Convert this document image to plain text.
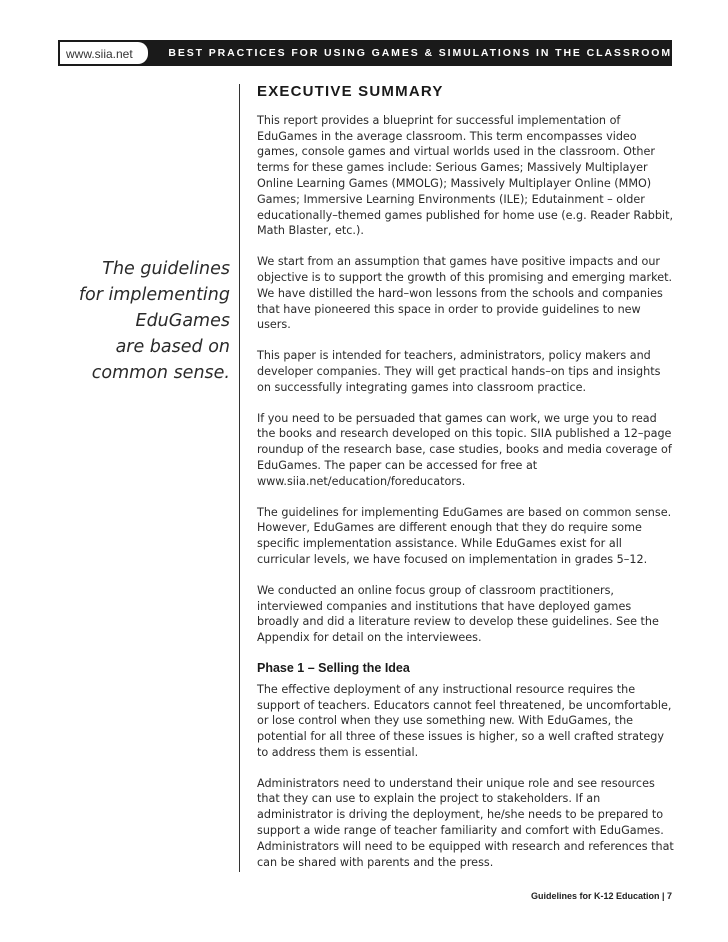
www.siia.net	BEST PRACTICES FOR USING GAMES & SIMULATIONS IN THE CLASSROOM
The guidelines
for implementing
EduGames
are based on
common sense.
EXECUTIVE SUMMARY

This report provides a blueprint for successful implementation of EduGames in the average classroom. This term encompasses video games, console games and virtual worlds used in the classroom. Other terms for these games include: Serious Games; Massively Multiplayer Online Learning Games (MMOLG); Massively Multiplayer Online (MMO) Games; Immersive Learning Environments (ILE); Edutainment – older educationally–themed games published for home use (e.g. Reader Rabbit, Math Blaster, etc.).

We start from an assumption that games have positive impacts and our objective is to support the growth of this promising and emerging market. We have distilled the hard–won lessons from the schools and companies that have pioneered this space in order to provide guidelines to new users.

This paper is intended for teachers, administrators, policy makers and developer companies. They will get practical hands–on tips and insights on successfully integrating games into classroom practice.

If you need to be persuaded that games can work, we urge you to read the books and research developed on this topic. SIIA published a 12–page roundup of the research base, case studies, books and media coverage of EduGames. The paper can be accessed for free at www.siia.net/education/foreducators.

The guidelines for implementing EduGames are based on common sense. However, EduGames are different enough that they do require some specific implementation assistance. While EduGames exist for all curricular levels, we have focused on implementation in grades 5–12.

We conducted an online focus group of classroom practitioners, interviewed companies and institutions that have deployed games broadly and did a literature review to develop these guidelines. See the Appendix for detail on the interviewees.

Phase 1 – Selling the Idea

The effective deployment of any instructional resource requires the support of teachers. Educators cannot feel threatened, be uncomfortable, or lose control when they use something new. With EduGames, the potential for all three of these issues is higher, so a well crafted strategy to address them is essential.

Administrators need to understand their unique role and see resources that they can use to explain the project to stakeholders. If an administrator is driving the deployment, he/she needs to be prepared to support a wide range of teacher familiarity and comfort with EduGames. Administrators will need to be equipped with research and references that can be shared with parents and the press.

Guidelines for K-12 Education | 7
